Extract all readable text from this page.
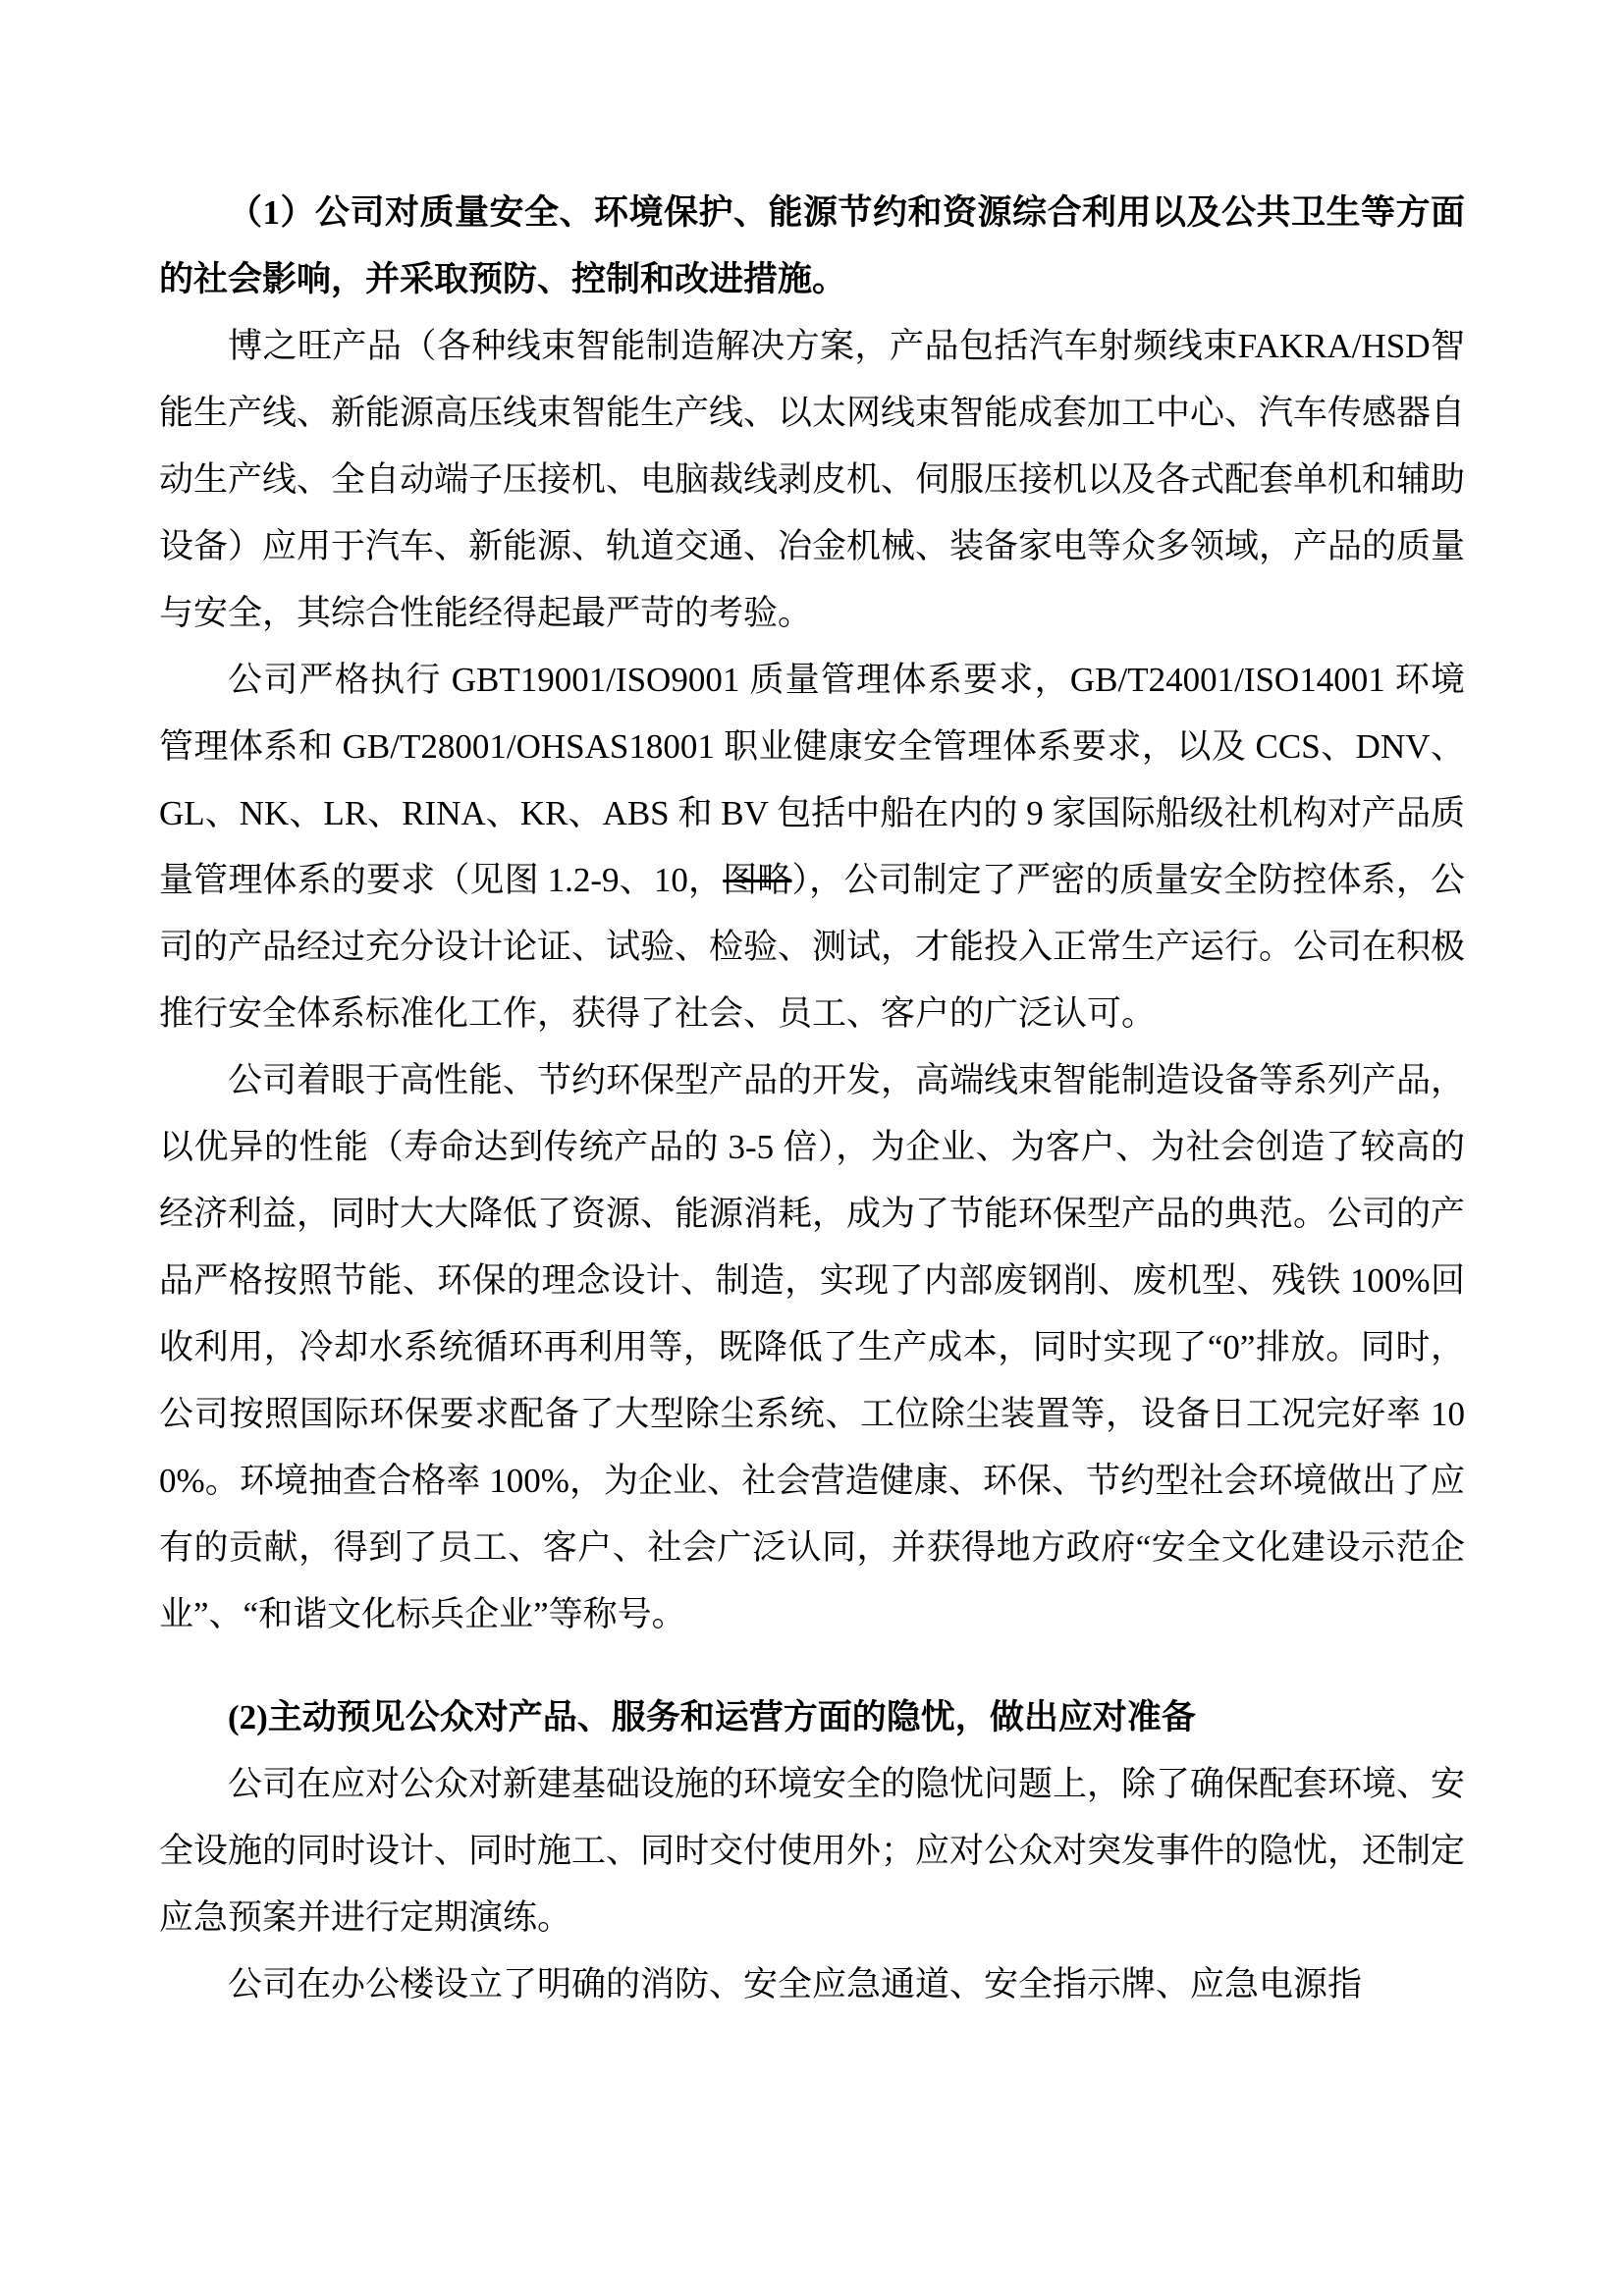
（1）公司对质量安全、环境保护、能源节约和资源综合利用以及公共卫生等方面的社会影响，并采取预防、控制和改进措施。

博之旺产品（各种线束智能制造解决方案，产品包括汽车射频线束FAKRA/HSD智能生产线、新能源高压线束智能生产线、以太网线束智能成套加工中心、汽车传感器自动生产线、全自动端子压接机、电脑裁线剥皮机、伺服压接机以及各式配套单机和辅助设备）应用于汽车、新能源、轨道交通、冶金机械、装备家电等众多领域，产品的质量与安全，其综合性能经得起最严苛的考验。

公司严格执行 GBT19001/ISO9001 质量管理体系要求，GB/T24001/ISO14001 环境管理体系和 GB/T28001/OHSAS18001 职业健康安全管理体系要求，以及 CCS、DNV、GL、NK、LR、RINA、KR、ABS 和 BV 包括中船在内的 9 家国际船级社机构对产品质量管理体系的要求（见图 1.2-9、10，图略），公司制定了严密的质量安全防控体系，公司的产品经过充分设计论证、试验、检验、测试，才能投入正常生产运行。公司在积极推行安全体系标准化工作，获得了社会、员工、客户的广泛认可。

公司着眼于高性能、节约环保型产品的开发，高端线束智能制造设备等系列产品，以优异的性能（寿命达到传统产品的 3-5 倍），为企业、为客户、为社会创造了较高的经济利益，同时大大降低了资源、能源消耗，成为了节能环保型产品的典范。公司的产品严格按照节能、环保的理念设计、制造，实现了内部废钢削、废机型、残铁 100%回收利用，冷却水系统循环再利用等，既降低了生产成本，同时实现了“0”排放。同时，公司按照国际环保要求配备了大型除尘系统、工位除尘装置等，设备日工况完好率 100%。环境抽查合格率 100%，为企业、社会营造健康、环保、节约型社会环境做出了应有的贡献，得到了员工、客户、社会广泛认同，并获得地方政府“安全文化建设示范企业”、“和谐文化标兵企业”等称号。

(2)主动预见公众对产品、服务和运营方面的隐忧，做出应对准备

公司在应对公众对新建基础设施的环境安全的隐忧问题上，除了确保配套环境、安全设施的同时设计、同时施工、同时交付使用外；应对公众对突发事件的隐忧，还制定应急预案并进行定期演练。

公司在办公楼设立了明确的消防、安全应急通道、安全指示牌、应急电源指
